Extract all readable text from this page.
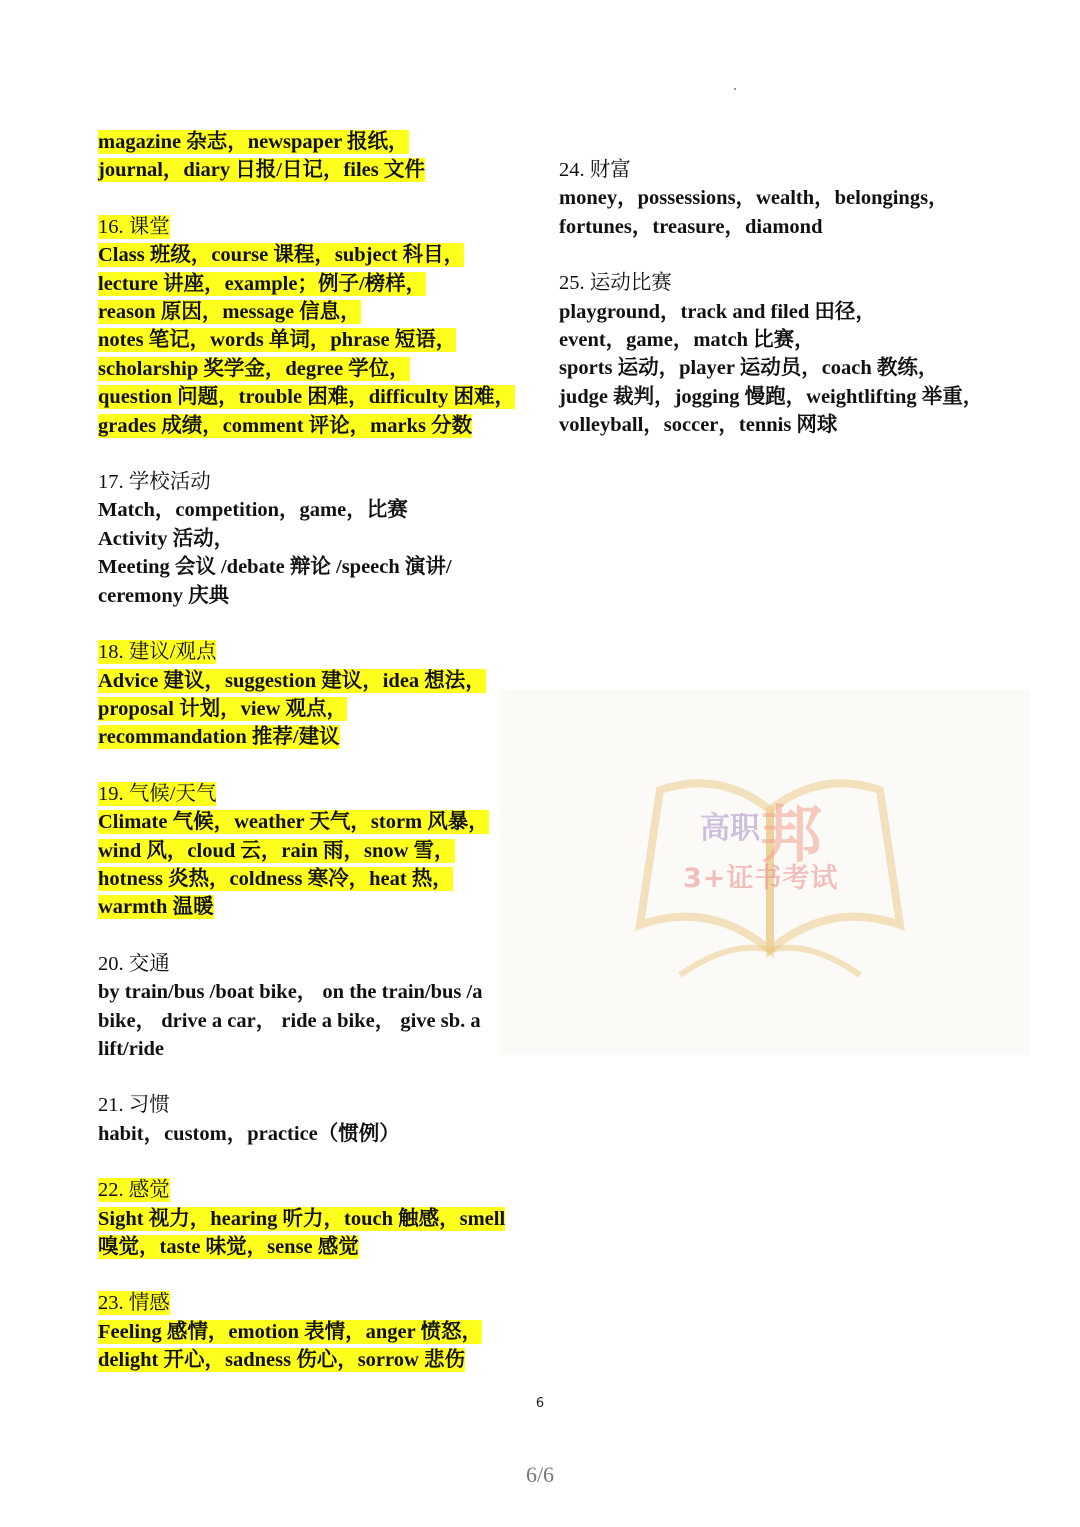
magazine 杂志，newspaper 报纸，
journal，diary 日报/日记，files 文件
16. 课堂
Class 班级，course 课程，subject 科目，
lecture 讲座，example；例子/榜样，
reason 原因，message 信息，
notes 笔记，words 单词，phrase 短语，
scholarship 奖学金，degree 学位，
question 问题，trouble 困难，difficulty 困难，
grades 成绩，comment 评论，marks 分数
17. 学校活动
Match，competition，game，比赛
Activity 活动，
Meeting 会议 /debate 辩论 /speech 演讲/
ceremony 庆典
18. 建议/观点
Advice 建议，suggestion 建议，idea 想法，
proposal 计划，view 观点，
recommandation 推荐/建议
19. 气候/天气
Climate 气候，weather 天气，storm 风暴，
wind 风，cloud 云，rain 雨，snow 雪，
hotness 炎热，coldness 寒冷，heat 热，
warmth 温暖
20. 交通
by train/bus /boat bike， on the train/bus /a
bike， drive a car， ride a bike， give sb. a
lift/ride
21. 习惯
habit，custom，practice（惯例）
22. 感觉
Sight 视力，hearing 听力，touch 触感，smell
嗅觉，taste 味觉，sense 感觉
23. 情感
Feeling 感情，emotion 表情，anger 愤怒，
delight 开心，sadness 伤心，sorrow 悲伤
24. 财富
money，possessions，wealth，belongings，
fortunes，treasure，diamond
25. 运动比赛
playground，track and filed 田径，
event，game，match 比赛，
sports 运动，player 运动员，coach 教练，
judge 裁判，jogging 慢跑，weightlifting 举重，
volleyball，soccer，tennis 网球
高职邦
3+证书考试
6
6/6
